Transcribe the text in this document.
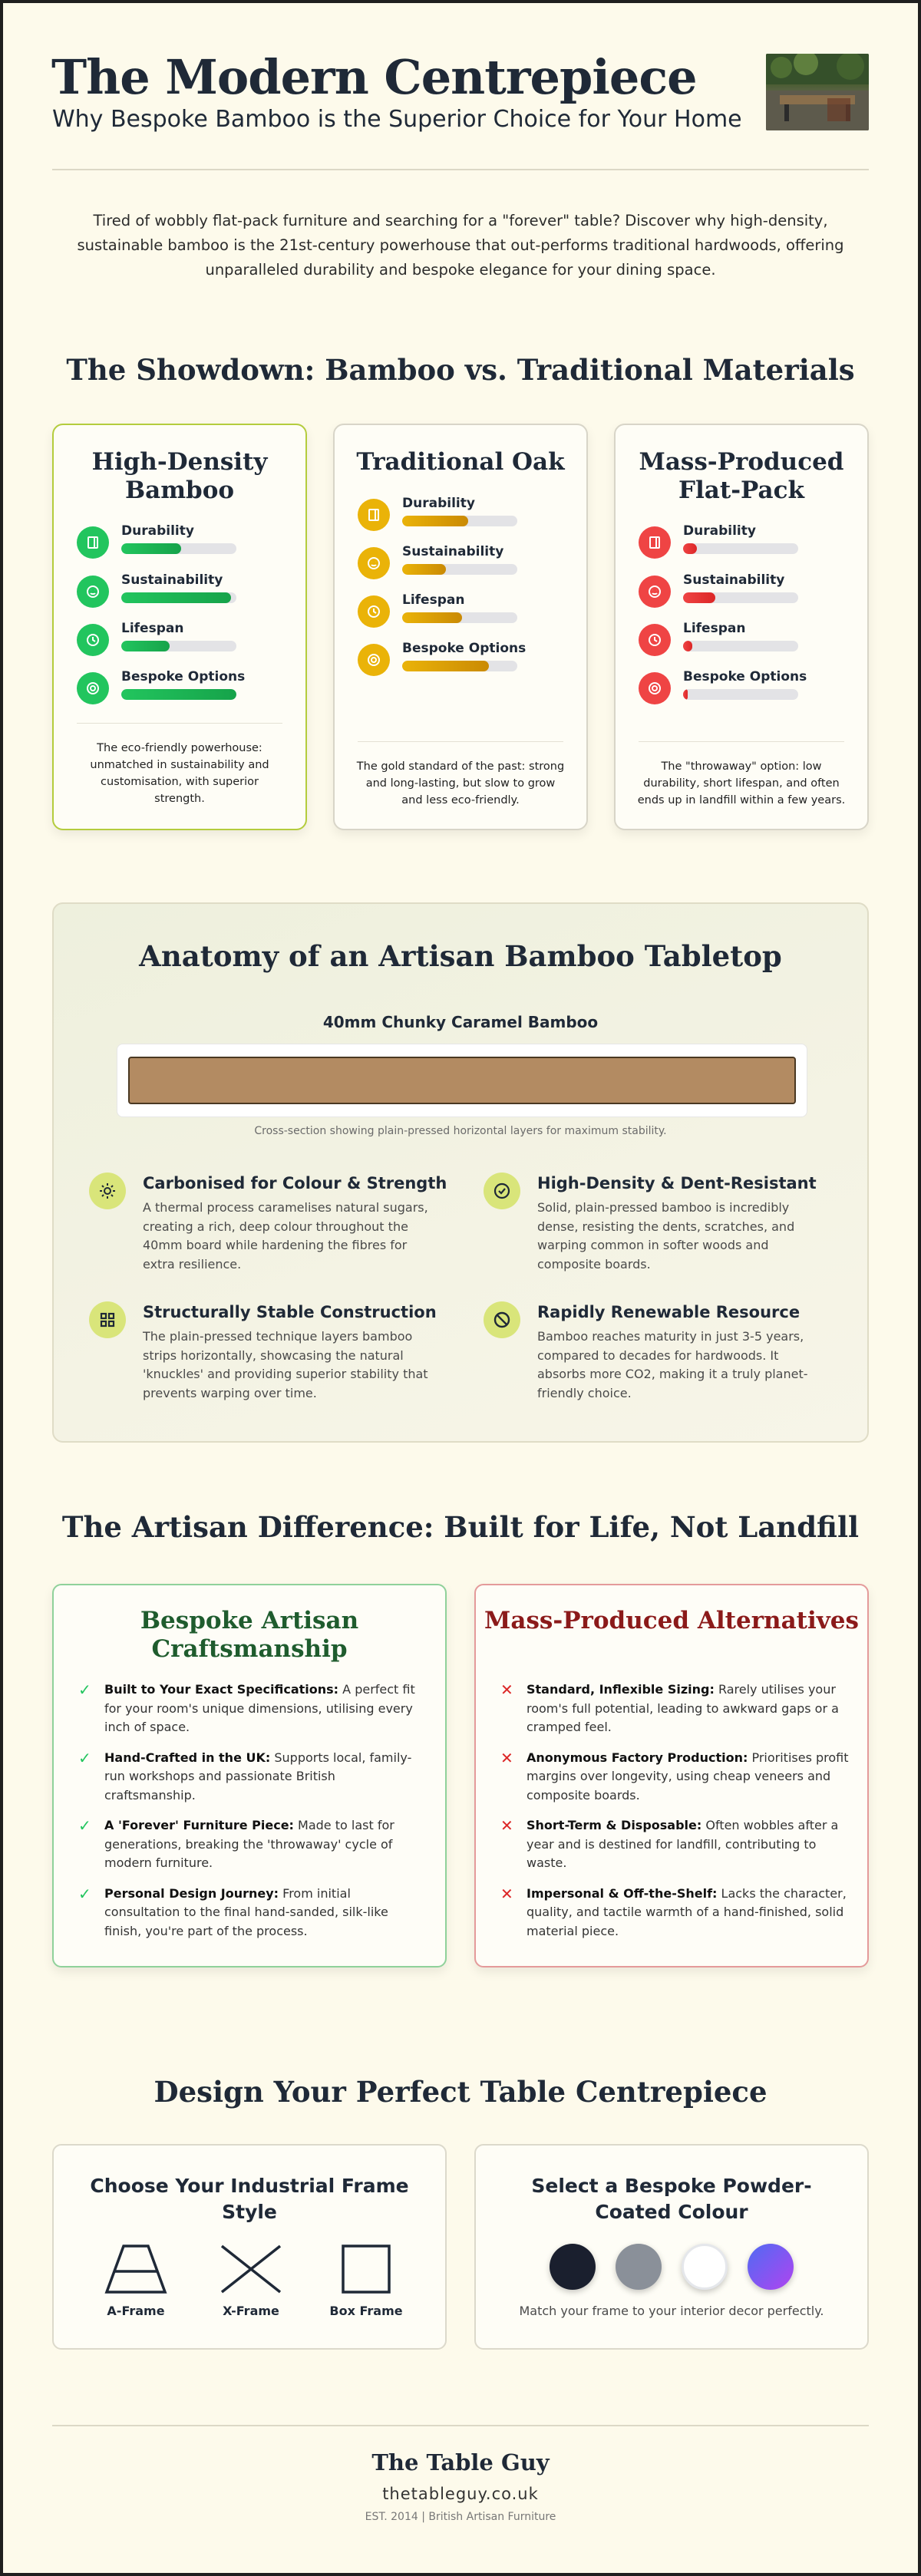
The Modern Centrepiece
Why Bespoke Bamboo is the Superior Choice for Your Home

Tired of wobbly flat-pack furniture and searching for a "forever" table? Discover why high-density, sustainable bamboo is the 21st-century powerhouse that out-performs traditional hardwoods, offering unparalleled durability and bespoke elegance for your dining space.

The Showdown: Bamboo vs. Traditional Materials
High-Density Bamboo
Durability
Sustainability
Lifespan
Bespoke Options

The eco-friendly powerhouse: unmatched in sustainability and customisation, with superior strength.

Traditional Oak
Durability
Sustainability
Lifespan
Bespoke Options

The gold standard of the past: strong and long-lasting, but slow to grow and less eco-friendly.

Mass-Produced Flat-Pack
Durability
Sustainability
Lifespan
Bespoke Options

The "throwaway" option: low durability, short lifespan, and often ends up in landfill within a few years.

Anatomy of an Artisan Bamboo Tabletop
40mm Chunky Caramel Bamboo
Cross-section showing plain-pressed horizontal layers for maximum stability.
Carbonised for Colour & Strength

A thermal process caramelises natural sugars, creating a rich, deep colour throughout the 40mm board while hardening the fibres for extra resilience.

High-Density & Dent-Resistant

Solid, plain-pressed bamboo is incredibly dense, resisting the dents, scratches, and warping common in softer woods and composite boards.

Structurally Stable Construction

The plain-pressed technique layers bamboo strips horizontally, showcasing the natural 'knuckles' and providing superior stability that prevents warping over time.

Rapidly Renewable Resource

Bamboo reaches maturity in just 3-5 years, compared to decades for hardwoods. It absorbs more CO2, making it a truly planet-friendly choice.

The Artisan Difference: Built for Life, Not Landfill
Bespoke Artisan Craftsmanship
✓ Built to Your Exact Specifications: A perfect fit for your room's unique dimensions, utilising every inch of space.
✓ Hand-Crafted in the UK: Supports local, family-run workshops and passionate British craftsmanship.
✓ A 'Forever' Furniture Piece: Made to last for generations, breaking the 'throwaway' cycle of modern furniture.
✓ Personal Design Journey: From initial consultation to the final hand-sanded, silk-like finish, you're part of the process.
Mass-Produced Alternatives
✕ Standard, Inflexible Sizing: Rarely utilises your room's full potential, leading to awkward gaps or a cramped feel.
✕ Anonymous Factory Production: Prioritises profit margins over longevity, using cheap veneers and composite boards.
✕ Short-Term & Disposable: Often wobbles after a year and is destined for landfill, contributing to waste.
✕ Impersonal & Off-the-Shelf: Lacks the character, quality, and tactile warmth of a hand-finished, solid material piece.
Design Your Perfect Table Centrepiece
Choose Your Industrial Frame Style
A-Frame	X-Frame	Box Frame
Select a Bespoke Powder-Coated Colour
Match your frame to your interior decor perfectly.
The Table Guy
thetableguy.co.uk
EST. 2014 | British Artisan Furniture
